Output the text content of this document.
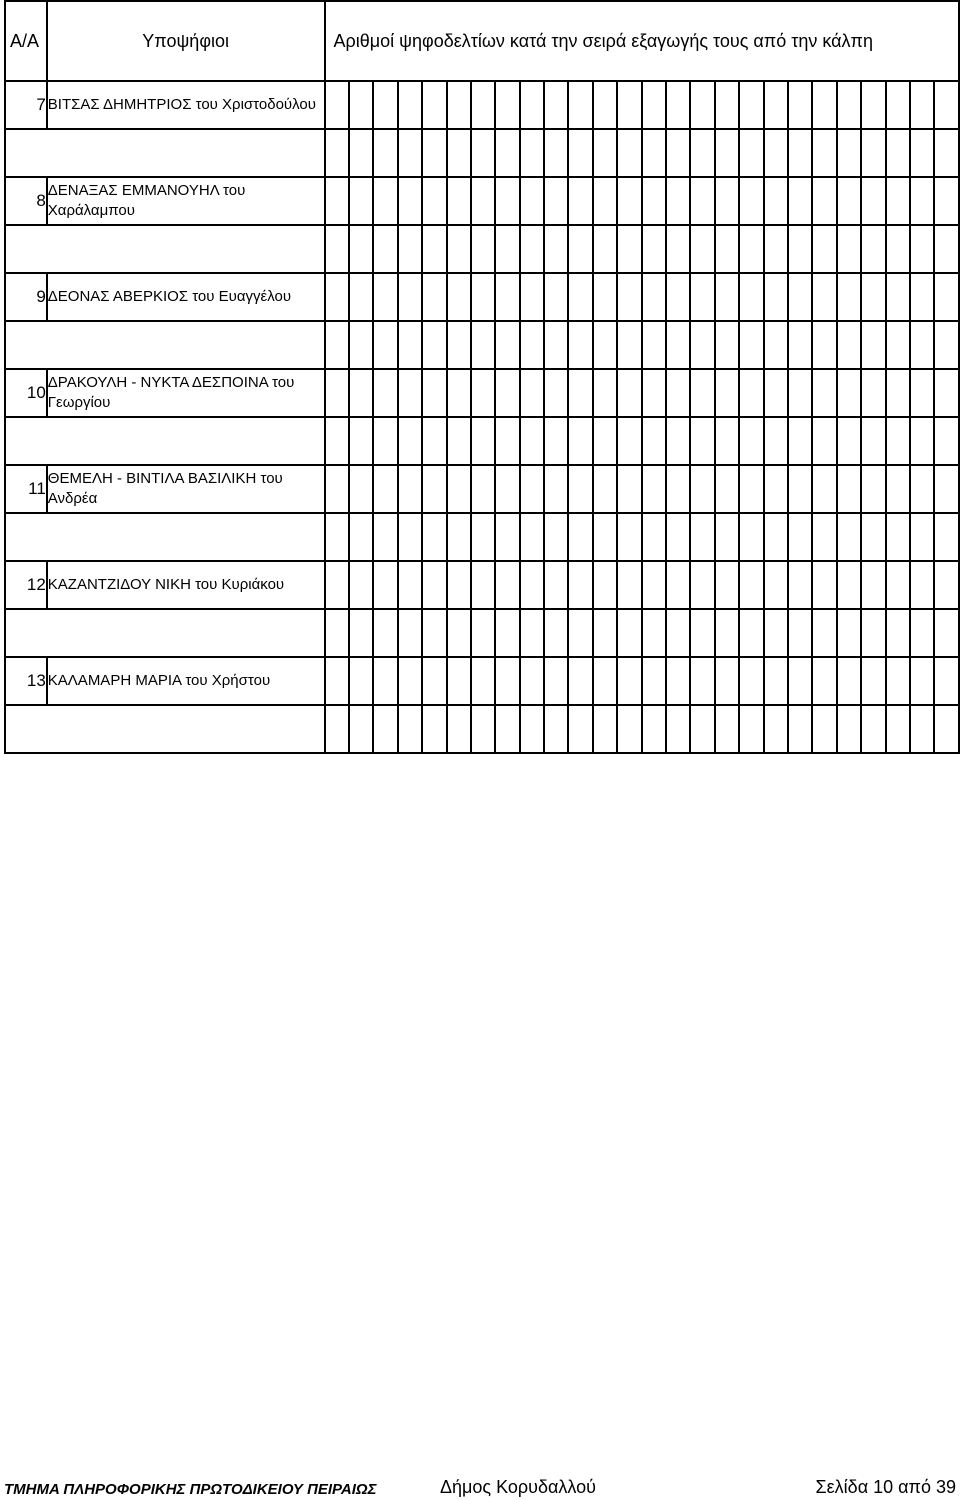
Α/Α	Υποψήφιοι	Αριθμοί ψηφοδελτίων κατά την σειρά εξαγωγής τους από την κάλπη																									
7	ΒΙΤΣΑΣ ΔΗΜΗΤΡΙΟΣ του Χριστοδούλου																										

8	ΔΕΝΑΞΑΣ ΕΜΜΑΝΟΥΗΛ του Χαράλαμπου																										

9	ΔΕΟΝΑΣ ΑΒΕΡΚΙΟΣ του Ευαγγέλου																										

10	ΔΡΑΚΟΥΛΗ - ΝΥΚΤΑ ΔΕΣΠΟΙΝΑ του Γεωργίου																										

11	ΘΕΜΕΛΗ - ΒΙΝΤΙΛΑ ΒΑΣΙΛΙΚΗ του Ανδρέα																										

12	ΚΑΖΑΝΤΖΙΔΟΥ ΝΙΚΗ του Κυριάκου																										

13	ΚΑΛΑΜΑΡΗ ΜΑΡΙΑ του Χρήστου																										

ΤΜΗΜΑ ΠΛΗΡΟΦΟΡΙΚΗΣ ΠΡΩΤΟΔΙΚΕΙΟΥ ΠΕΙΡΑΙΩΣ	Δήμος Κορυδαλλού	Σελίδα 10 από 39
